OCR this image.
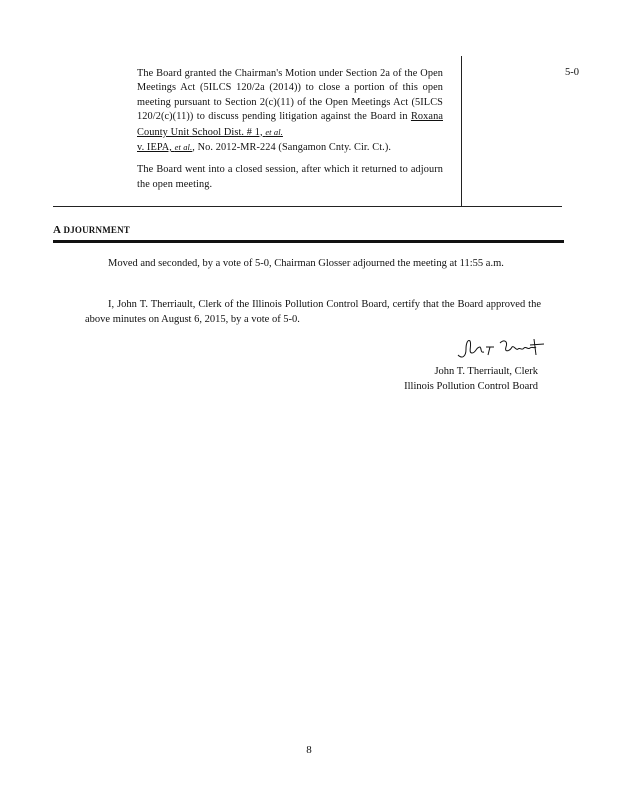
The Board granted the Chairman's Motion under Section 2a of the Open Meetings Act (5ILCS 120/2a (2014)) to close a portion of this open meeting pursuant to Section 2(c)(11) of the Open Meetings Act (5ILCS 120/2(c)(11)) to discuss pending litigation against the Board in Roxana County Unit School Dist. # 1, et al.
v. IEPA, et al., No. 2012-MR-224 (Sangamon Cnty. Cir. Ct.).

The Board went into a closed session, after which it returned to adjourn the open meeting.

5-0
A DJOURNMENT

Moved and seconded, by a vote of 5-0, Chairman Glosser adjourned the meeting at 11:55 a.m.

I, John T. Therriault, Clerk of the Illinois Pollution Control Board, certify that the Board approved the above minutes on August 6, 2015, by a vote of 5-0.

John T. Therriault, Clerk
Illinois Pollution Control Board
8
